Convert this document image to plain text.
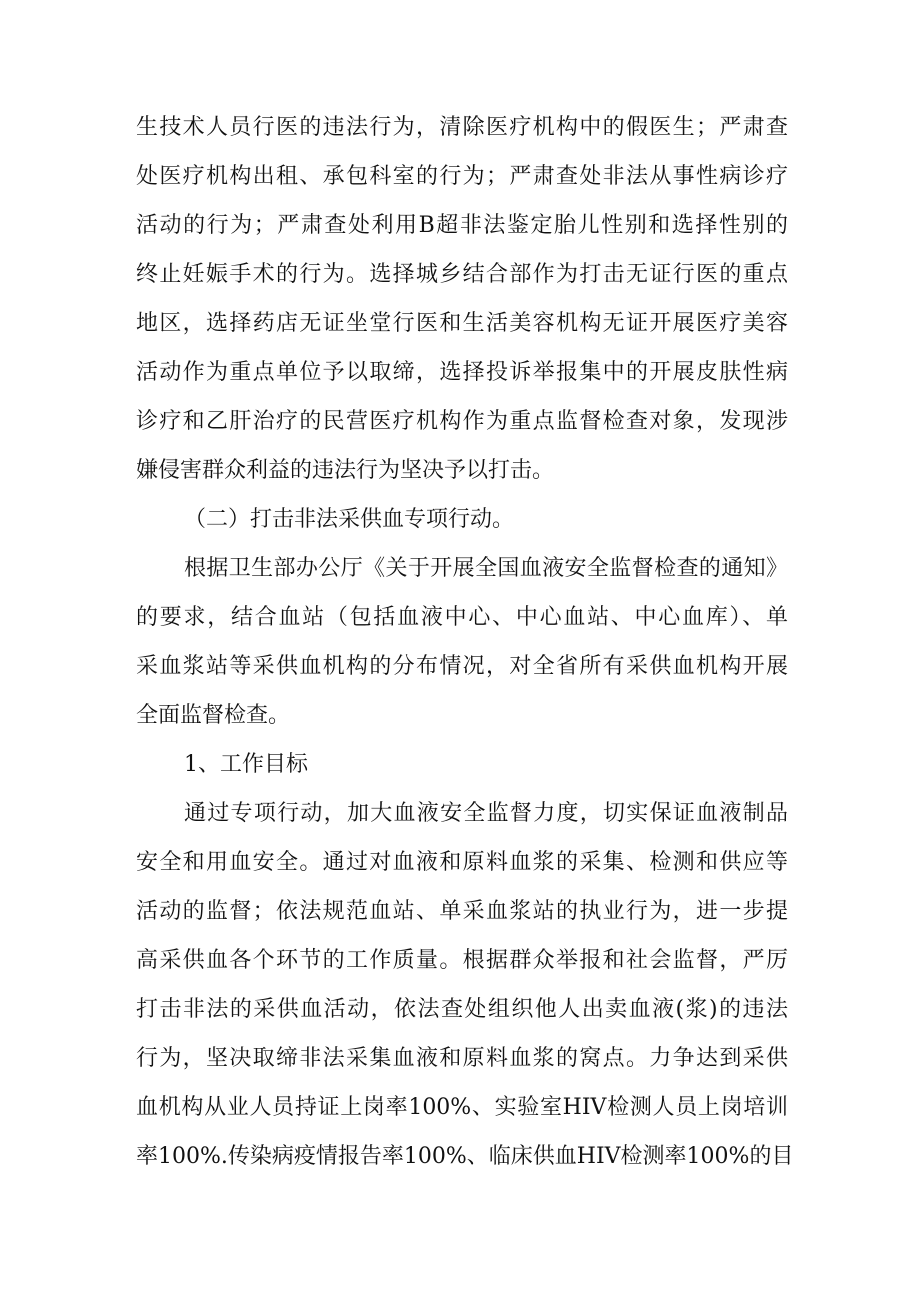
生技术人员行医的违法行为，清除医疗机构中的假医生；严肃查
处医疗机构出租、承包科室的行为；严肃查处非法从事性病诊疗
活动的行为；严肃查处利用B超非法鉴定胎儿性别和选择性别的
终止妊娠手术的行为。选择城乡结合部作为打击无证行医的重点
地区，选择药店无证坐堂行医和生活美容机构无证开展医疗美容
活动作为重点单位予以取缔，选择投诉举报集中的开展皮肤性病
诊疗和乙肝治疗的民营医疗机构作为重点监督检查对象，发现涉
嫌侵害群众利益的违法行为坚决予以打击。
（二）打击非法采供血专项行动。
根据卫生部办公厅《关于开展全国血液安全监督检查的通知》
的要求，结合血站（包括血液中心、中心血站、中心血库）、单
采血浆站等采供血机构的分布情况，对全省所有采供血机构开展
全面监督检查。
1、工作目标
通过专项行动，加大血液安全监督力度，切实保证血液制品
安全和用血安全。通过对血液和原料血浆的采集、检测和供应等
活动的监督；依法规范血站、单采血浆站的执业行为，进一步提
高采供血各个环节的工作质量。根据群众举报和社会监督，严厉
打击非法的采供血活动，依法查处组织他人出卖血液(浆)的违法
行为，坚决取缔非法采集血液和原料血浆的窝点。力争达到采供
血机构从业人员持证上岗率100%、实验室HIV检测人员上岗培训
率100%.传染病疫情报告率100%、临床供血HIV检测率100%的目
